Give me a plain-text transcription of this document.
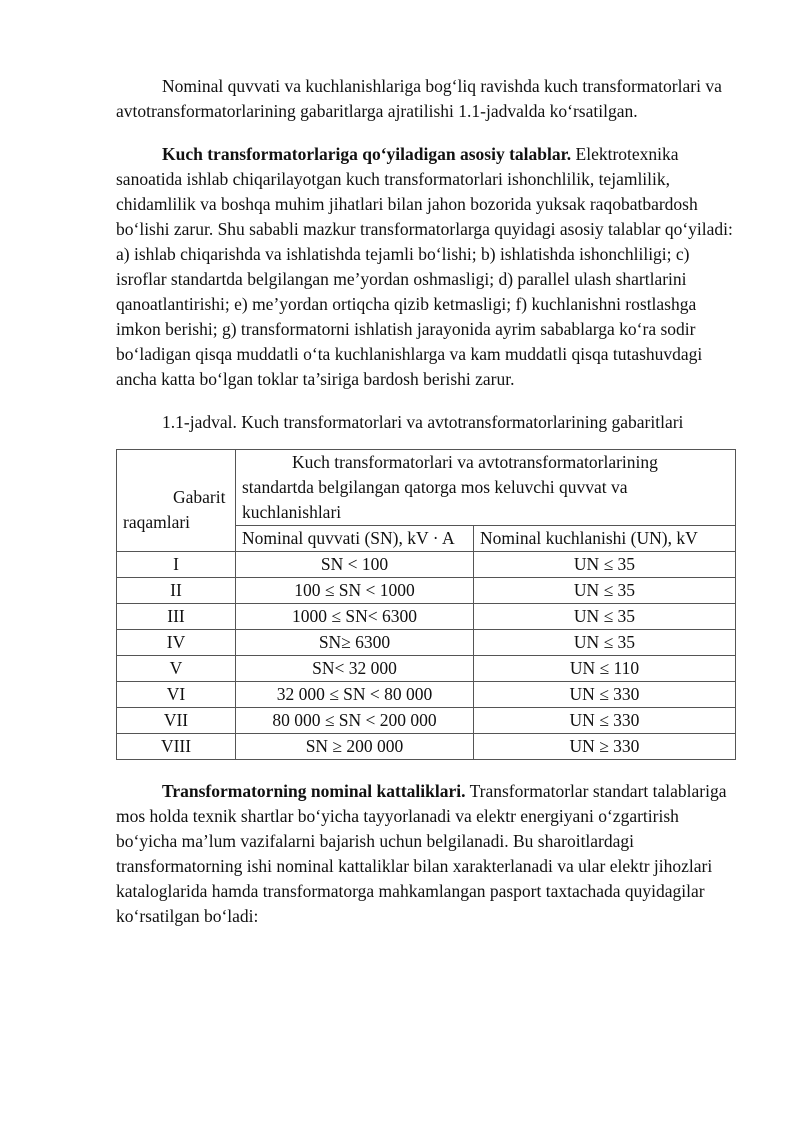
Nominal quvvati va kuchlanishlariga bog‘liq ravishda kuch transformatorlari va avtotransformatorlarining gabaritlarga ajratilishi 1.1-jadvalda ko‘rsatilgan.

Kuch transformatorlariga qo‘yiladigan asosiy talablar. Elektrotexnika sanoatida ishlab chiqarilayotgan kuch transformatorlari ishonchlilik, tejamlilik, chidamlilik va boshqa muhim jihatlari bilan jahon bozorida yuksak raqobatbardosh bo‘lishi zarur. Shu sababli mazkur transformatorlarga quyidagi asosiy talablar qo‘yiladi: a) ishlab chiqarishda va ishlatishda tejamli bo‘lishi; b) ishlatishda ishonchliligi; c) isroflar standartda belgilangan me’yordan oshmasligi; d) parallel ulash shartlarini qanoatlantirishi; e) me’yordan ortiqcha qizib ketmasligi; f) kuchlanishni rostlashga imkon berishi; g) transformatorni ishlatish jarayonida ayrim sabablarga ko‘ra sodir bo‘ladigan qisqa muddatli o‘ta kuchlanishlarga va kam muddatli qisqa tutashuvdagi ancha katta bo‘lgan toklar ta’siriga bardosh berishi zarur.

1.1-jadval. Kuch transformatorlari va avtotransformatorlarining gabaritlari

Gabarit raqamlari	Kuch transformatorlari va avtotransformatorlarining
standartda belgilangan qatorga mos keluvchi quvvat va kuchlanishlari	

	Nominal quvvati (SN), kV · A	Nominal kuchlanishi (UN), kV
I	SN < 100	UN ≤ 35
II	100 ≤ SN < 1000	UN ≤ 35
III	1000 ≤ SN< 6300	UN ≤ 35
IV	SN≥ 6300	UN ≤ 35
V	SN< 32 000	UN ≤ 110
VI	32 000 ≤ SN < 80 000	UN ≤ 330
VII	80 000 ≤ SN < 200 000	UN ≤ 330
VIII	SN ≥ 200 000	UN ≥ 330

Transformatorning nominal kattaliklari. Transformatorlar standart talablariga mos holda texnik shartlar bo‘yicha tayyorlanadi va elektr energiyani o‘zgartirish bo‘yicha ma’lum vazifalarni bajarish uchun belgilanadi. Bu sharoitlardagi transformatorning ishi nominal kattaliklar bilan xarakterlanadi va ular elektr jihozlari kataloglarida hamda transformatorga mahkamlangan pasport taxtachada quyidagilar ko‘rsatilgan bo‘ladi:
